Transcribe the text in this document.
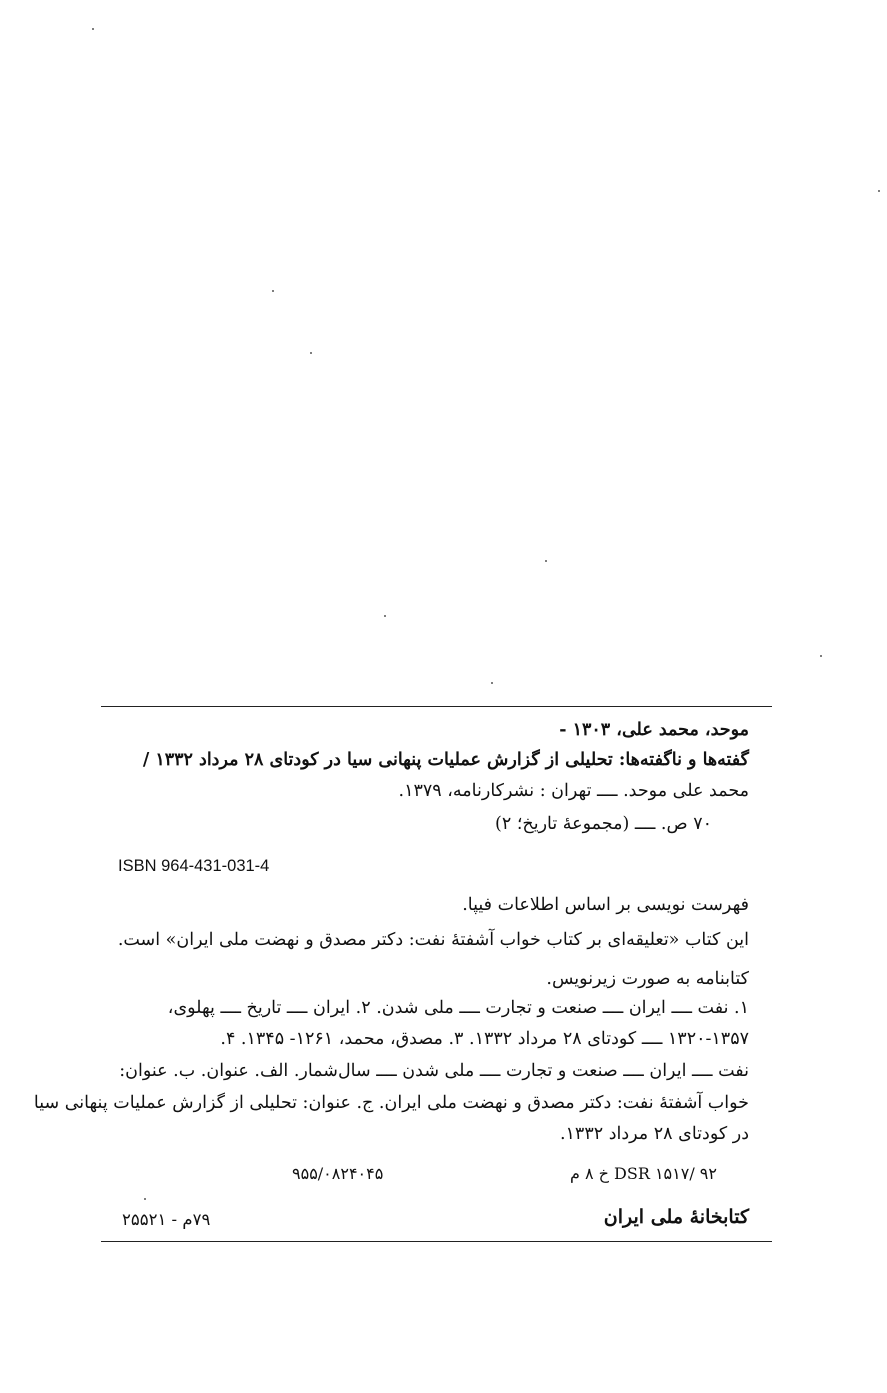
موحد، محمد علی، ۱۳۰۳ -
گفته‌ها و ناگفته‌ها: تحلیلی از گزارش عملیات پنهانی سیا در کودتای ۲۸ مرداد ۱۳۳۲ /
محمد علی موحد. ــــ تهران : نشرکارنامه، ۱۳۷۹.
۷۰ ص. ــــ (مجموعهٔ تاریخ؛ ۲)
ISBN 964-431-031-4
فهرست نویسی بر اساس اطلاعات فیپا.
این کتاب «تعلیقه‌ای بر کتاب خواب آشفتهٔ نفت: دکتر مصدق و نهضت ملی ایران» است.
کتابنامه به صورت زیرنویس.
۱. نفت ــــ ایران ــــ صنعت و تجارت ــــ ملی شدن. ۲. ایران ــــ تاریخ ــــ پهلوی،
۱۳۲۰-۱۳۵۷ ــــ کودتای ۲۸ مرداد ۱۳۳۲. ۳. مصدق، محمد، ۱۲۶۱- ۱۳۴۵. ۴.
نفت ــــ ایران ــــ صنعت و تجارت ــــ ملی شدن ــــ سال‌شمار. الف. عنوان. ب. عنوان:
خواب آشفتهٔ نفت: دکتر مصدق و نهضت ملی ایران. ج. عنوان: تحلیلی از گزارش عملیات پنهانی سیا
در کودتای ۲۸ مرداد ۱۳۳۲.
DSR ۱۵۱۷/ ۹۲ خ ۸ م
۹۵۵/۰۸۲۴۰۴۵
کتابخانهٔ ملی ایران
۷۹م - ۲۵۵۲۱
